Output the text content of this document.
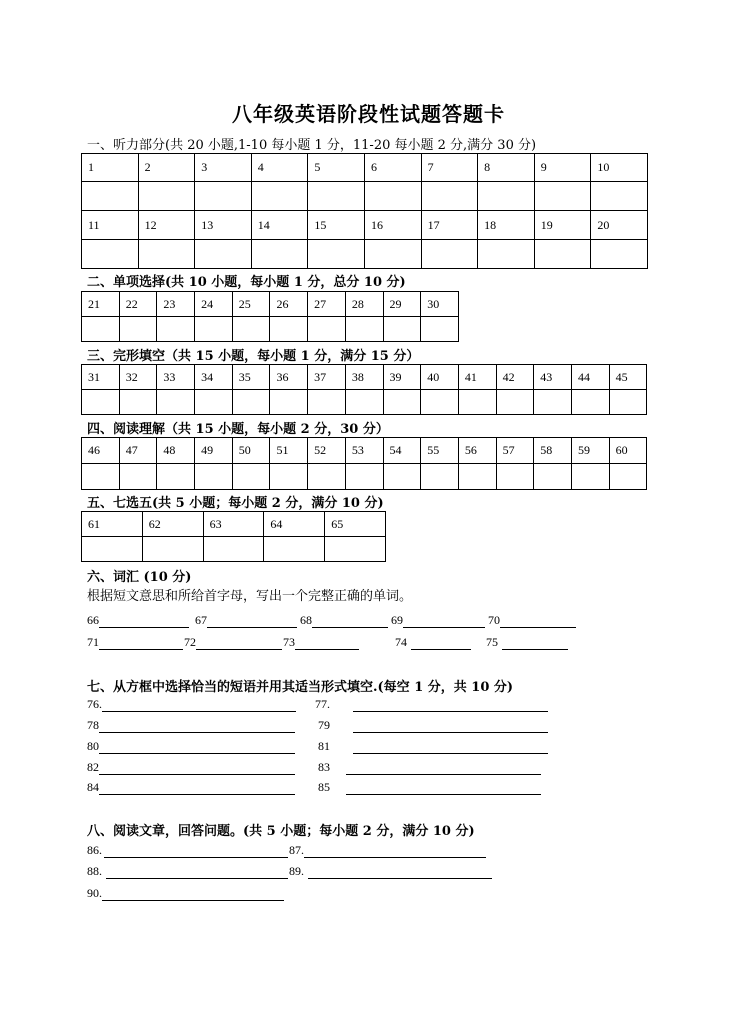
八年级英语阶段性试题答题卡
一、听力部分(共 20 小题,1-10 每小题 1 分，11-20 每小题 2 分,满分 30 分)
1	2	3	4	5	6	7	8	9	10

11	12	13	14	15	16	17	18	19	20

二、单项选择(共 10 小题，每小题 1 分，总分 10 分)
21	22	23	24	25	26	27	28	29	30

三、完形填空（共 15 小题，每小题 1 分，满分 15 分）
31	32	33	34	35	36	37	38	39	40	41	42	43	44	45

四、阅读理解（共 15 小题，每小题 2 分，30 分）
46	47	48	49	50	51	52	53	54	55	56	57	58	59	60

五、七选五(共 5 小题；每小题 2 分，满分 10 分)
61	62	63	64	65

六、词汇 (10 分)
根据短文意思和所给首字母，写出一个完整正确的单词。
66	67	68	69	70
71	72	73	74	75
七、从方框中选择恰当的短语并用其适当形式填空.(每空 1 分，共 10 分)
76.	77.
78	79
80	81
82	83
84	85
八、阅读文章，回答问题。(共 5 小题；每小题 2 分，满分 10 分)
86.	87.
88.	89.
90.
